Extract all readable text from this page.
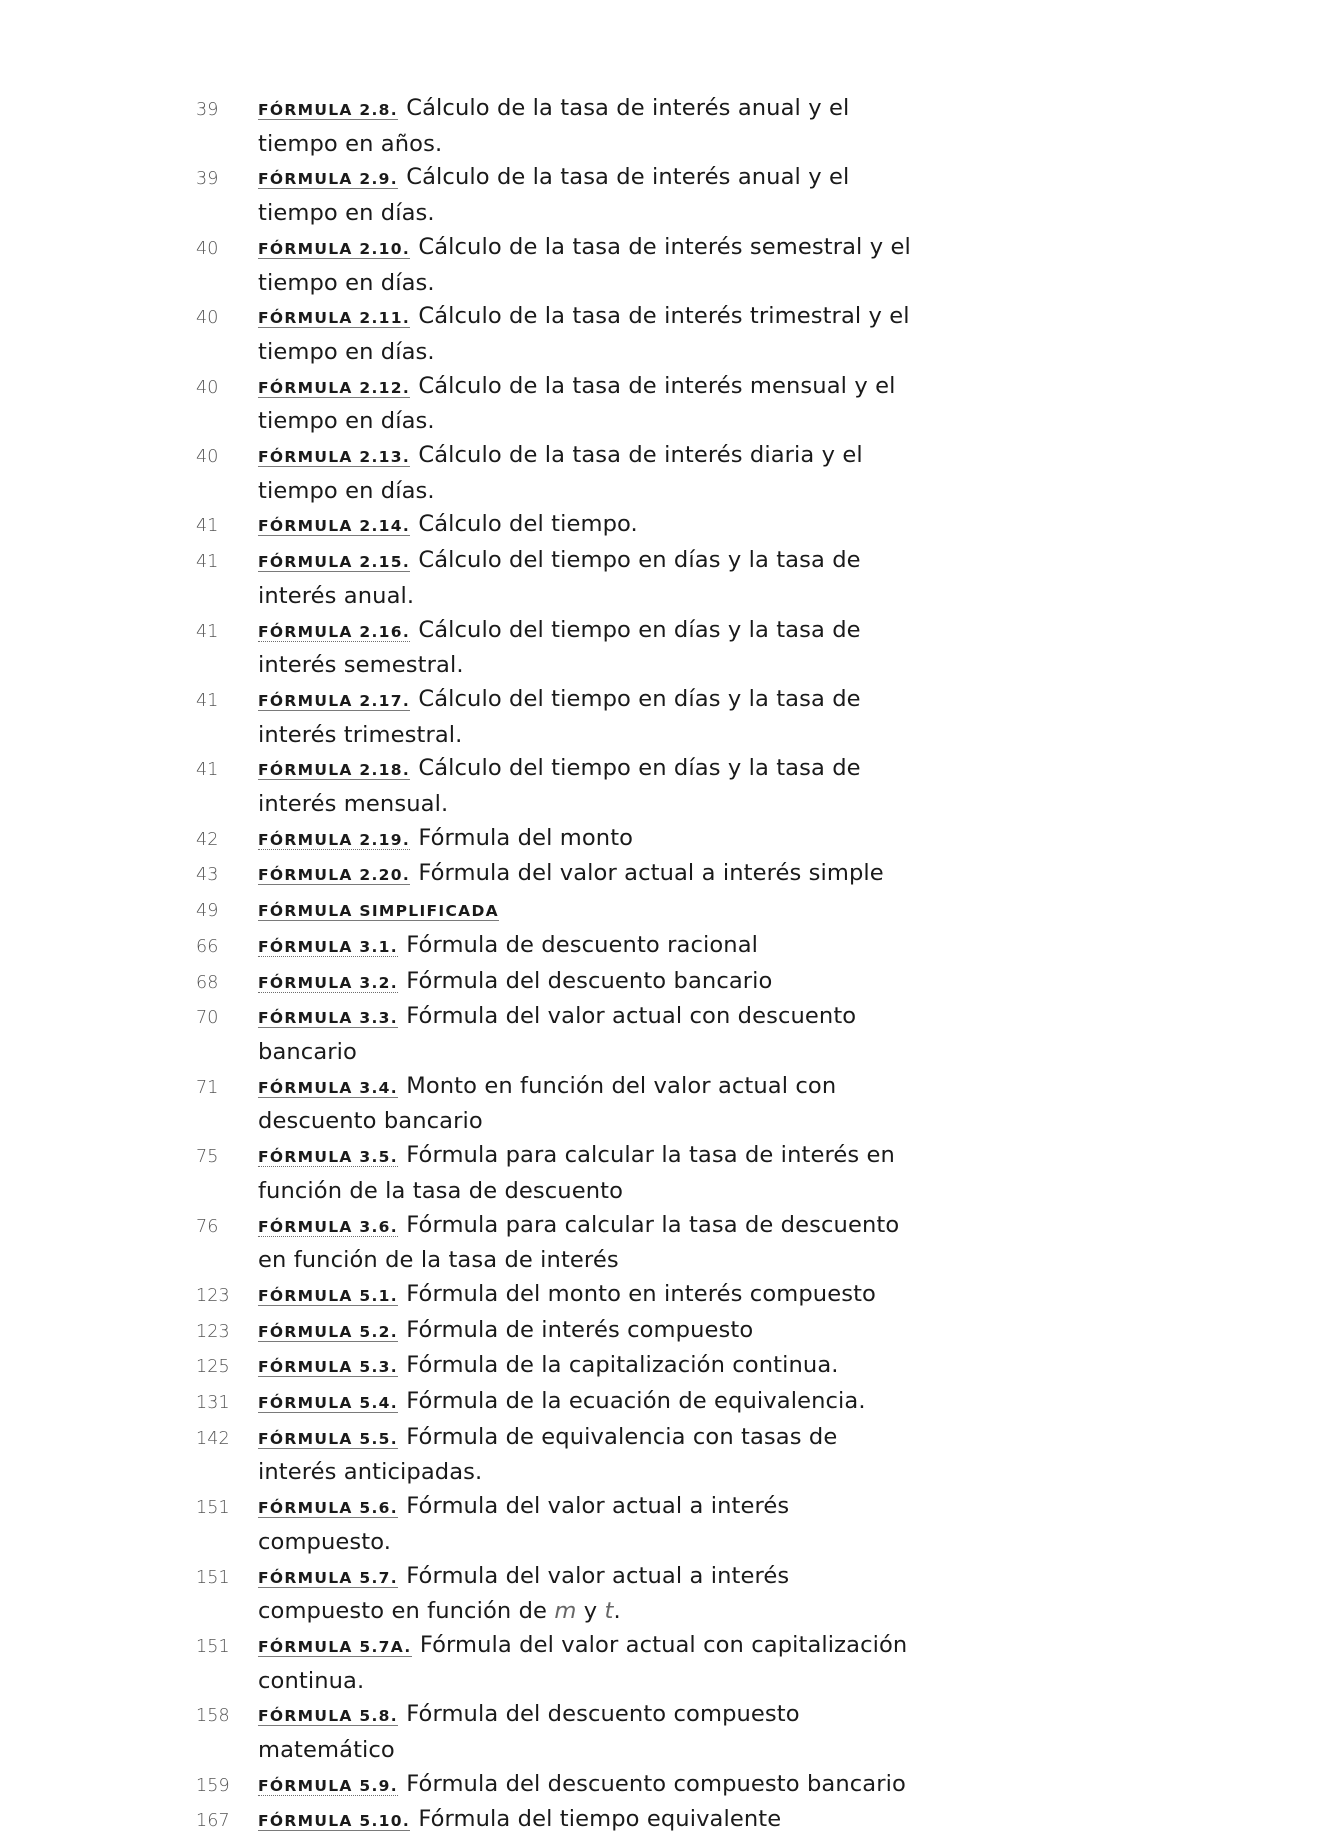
39	FÓRMULA 2.8. Cálculo de la tasa de interés anual y el tiempo en años.
39	FÓRMULA 2.9. Cálculo de la tasa de interés anual y el tiempo en días.
40	FÓRMULA 2.10. Cálculo de la tasa de interés semestral y el tiempo en días.
40	FÓRMULA 2.11. Cálculo de la tasa de interés trimestral y el tiempo en días.
40	FÓRMULA 2.12. Cálculo de la tasa de interés mensual y el tiempo en días.
40	FÓRMULA 2.13. Cálculo de la tasa de interés diaria y el tiempo en días.
41	FÓRMULA 2.14. Cálculo del tiempo.
41	FÓRMULA 2.15. Cálculo del tiempo en días y la tasa de interés anual.
41	FÓRMULA 2.16. Cálculo del tiempo en días y la tasa de interés semestral.
41	FÓRMULA 2.17. Cálculo del tiempo en días y la tasa de interés trimestral.
41	FÓRMULA 2.18. Cálculo del tiempo en días y la tasa de interés mensual.
42	FÓRMULA 2.19. Fórmula del monto
43	FÓRMULA 2.20. Fórmula del valor actual a interés simple
49	FÓRMULA SIMPLIFICADA
66	FÓRMULA 3.1. Fórmula de descuento racional
68	FÓRMULA 3.2. Fórmula del descuento bancario
70	FÓRMULA 3.3. Fórmula del valor actual con descuento bancario
71	FÓRMULA 3.4. Monto en función del valor actual con descuento bancario
75	FÓRMULA 3.5. Fórmula para calcular la tasa de interés en función de la tasa de descuento
76	FÓRMULA 3.6. Fórmula para calcular la tasa de descuento en función de la tasa de interés
123	FÓRMULA 5.1. Fórmula del monto en interés compuesto
123	FÓRMULA 5.2. Fórmula de interés compuesto
125	FÓRMULA 5.3. Fórmula de la capitalización continua.
131	FÓRMULA 5.4. Fórmula de la ecuación de equivalencia.
142	FÓRMULA 5.5. Fórmula de equivalencia con tasas de interés anticipadas.
151	FÓRMULA 5.6. Fórmula del valor actual a interés compuesto.
151	FÓRMULA 5.7. Fórmula del valor actual a interés compuesto en función de m y t.
151	FÓRMULA 5.7A. Fórmula del valor actual con capitalización continua.
158	FÓRMULA 5.8. Fórmula del descuento compuesto matemático
159	FÓRMULA 5.9. Fórmula del descuento compuesto bancario
167	FÓRMULA 5.10. Fórmula del tiempo equivalente
